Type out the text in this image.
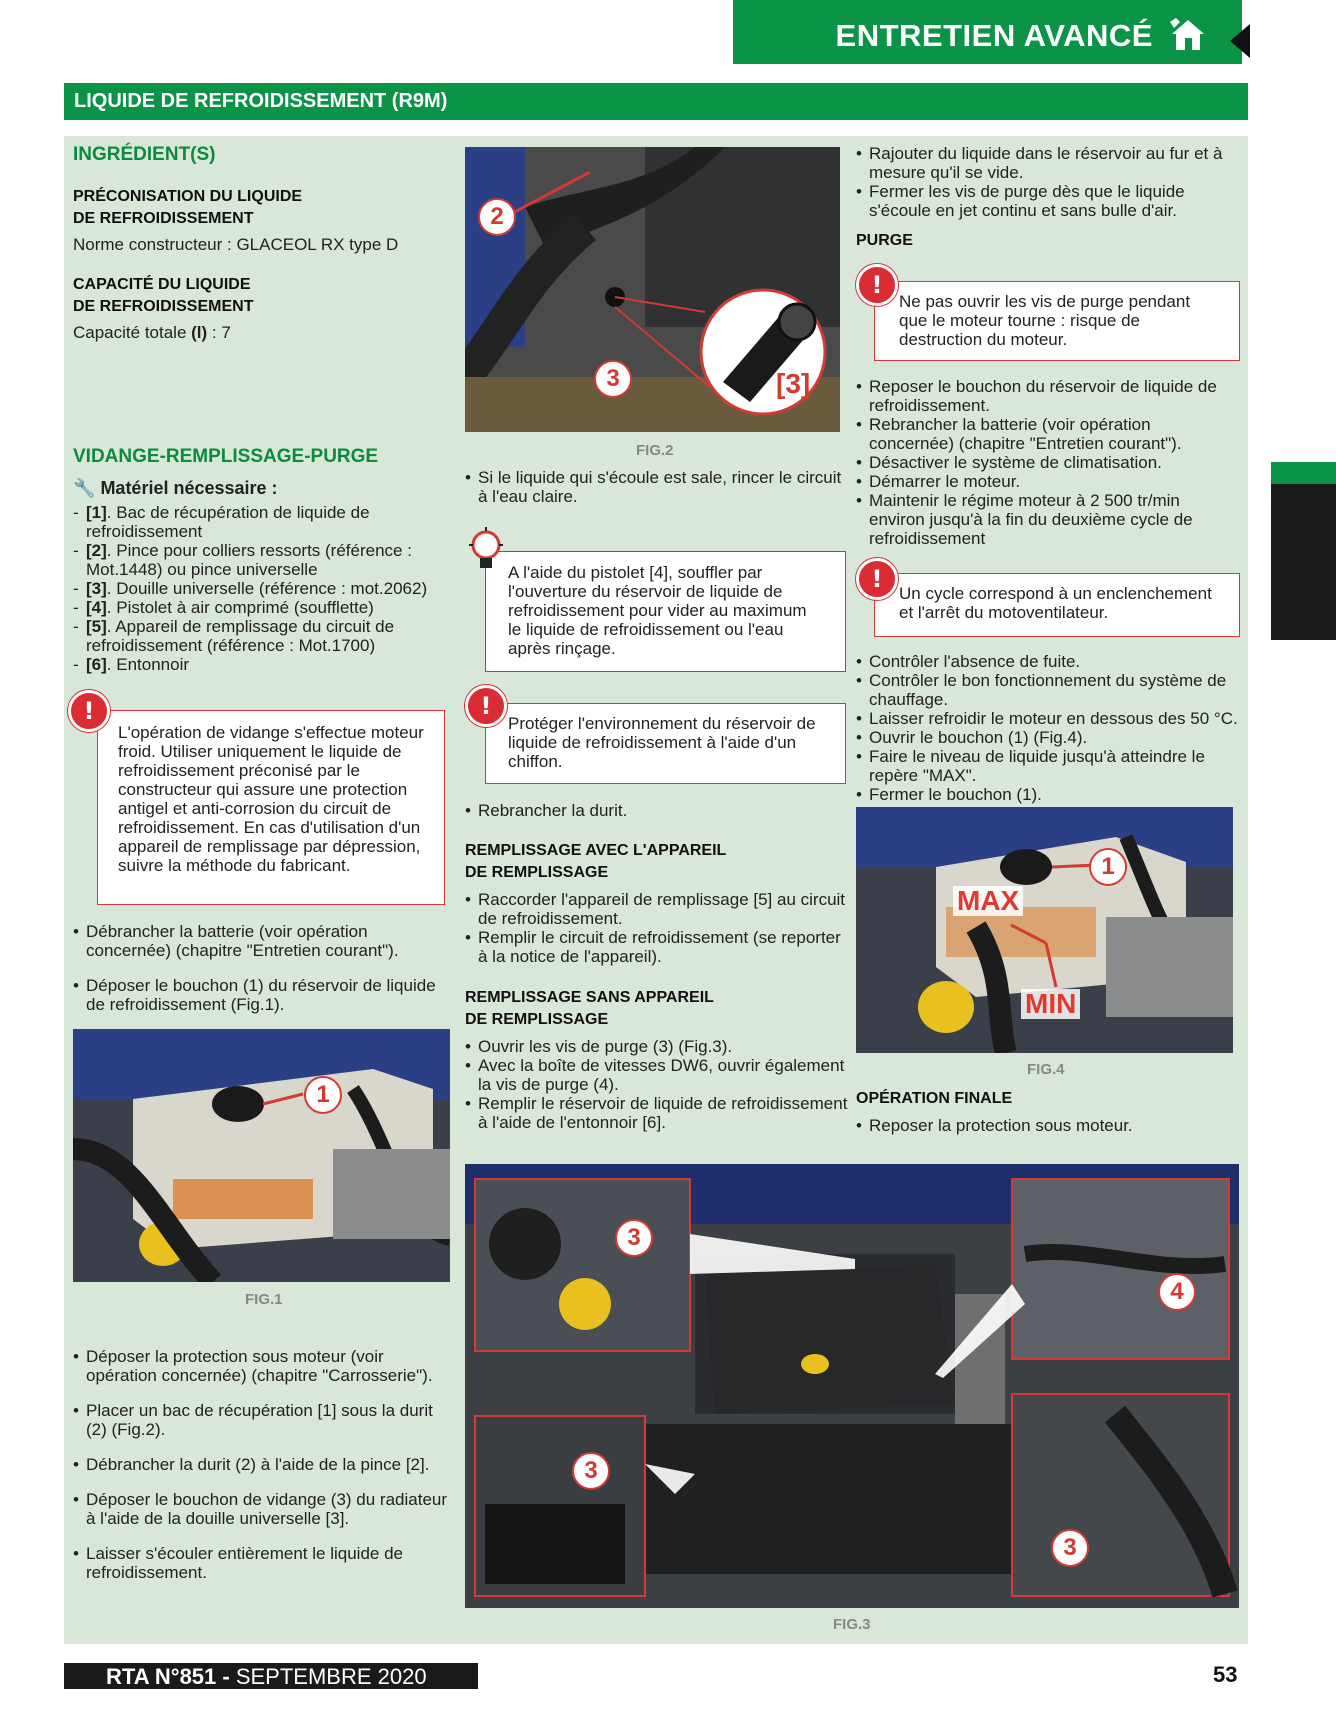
ENTRETIEN AVANCÉ
LIQUIDE DE REFROIDISSEMENT (R9M)
INGRÉDIENT(S)
PRÉCONISATION DU LIQUIDE
DE REFROIDISSEMENT
Norme constructeur : GLACEOL RX type D
CAPACITÉ DU LIQUIDE
DE REFROIDISSEMENT
Capacité totale (l) : 7
VIDANGE-REMPLISSAGE-PURGE
🔧 Matériel nécessaire :
- [1]. Bac de récupération de liquide de refroidissement
- [2]. Pince pour colliers ressorts (référence : Mot.1448) ou pince universelle
- [3]. Douille universelle (référence : mot.2062)
- [4]. Pistolet à air comprimé (soufflette)
- [5]. Appareil de remplissage du circuit de refroidissement (référence : Mot.1700)
- [6]. Entonnoir
L'opération de vidange s'effectue moteur froid. Utiliser uniquement le liquide de refroidissement préconisé par le constructeur qui assure une protection antigel et anti-corrosion du circuit de refroidissement. En cas d'utilisation d'un appareil de remplissage par dépression, suivre la méthode du fabricant.
!
• Débrancher la batterie (voir opération concernée) (chapitre "Entretien courant").
• Déposer le bouchon (1) du réservoir de liquide de refroidissement (Fig.1).
1
FIG.1
• Déposer la protection sous moteur (voir opération concernée) (chapitre "Carrosserie").
• Placer un bac de récupération [1] sous la durit (2) (Fig.2).
• Débrancher la durit (2) à l'aide de la pince [2].
• Déposer le bouchon de vidange (3) du radiateur à l'aide de la douille universelle [3].
• Laisser s'écouler entièrement le liquide de refroidissement.
2
3	[3]
FIG.2
• Si le liquide qui s'écoule est sale, rincer le circuit à l'eau claire.
A l'aide du pistolet [4], souffler par l'ouverture du réservoir de liquide de refroidissement pour vider au maximum le liquide de refroidissement ou l'eau après rinçage.
Protéger l'environnement du réservoir de liquide de refroidissement à l'aide d'un chiffon.
!
• Rebrancher la durit.
REMPLISSAGE AVEC L'APPAREIL
DE REMPLISSAGE
• Raccorder l'appareil de remplissage [5] au circuit de refroidissement.
• Remplir le circuit de refroidissement (se reporter à la notice de l'appareil).
REMPLISSAGE SANS APPAREIL
DE REMPLISSAGE
• Ouvrir les vis de purge (3) (Fig.3).
• Avec la boîte de vitesses DW6, ouvrir également la vis de purge (4).
• Remplir le réservoir de liquide de refroidissement à l'aide de l'entonnoir [6].
• Rajouter du liquide dans le réservoir au fur et à mesure qu'il se vide.
• Fermer les vis de purge dès que le liquide s'écoule en jet continu et sans bulle d'air.
PURGE
Ne pas ouvrir les vis de purge pendant que le moteur tourne : risque de destruction du moteur.
!
• Reposer le bouchon du réservoir de liquide de refroidissement.
• Rebrancher la batterie (voir opération concernée) (chapitre "Entretien courant").
• Désactiver le système de climatisation.
• Démarrer le moteur.
• Maintenir le régime moteur à 2 500 tr/min environ jusqu'à la fin du deuxième cycle de refroidissement
Un cycle correspond à un enclenchement et l'arrêt du motoventilateur.
!
• Contrôler l'absence de fuite.
• Contrôler le bon fonctionnement du système de chauffage.
• Laisser refroidir le moteur en dessous des 50 °C.
• Ouvrir le bouchon (1) (Fig.4).
• Faire le niveau de liquide jusqu'à atteindre le repère "MAX".
• Fermer le bouchon (1).
1
MAX
MIN
FIG.4
OPÉRATION FINALE
• Reposer la protection sous moteur.
3
3
4
3
FIG.3
RTA N°851 - SEPTEMBRE 2020	53
